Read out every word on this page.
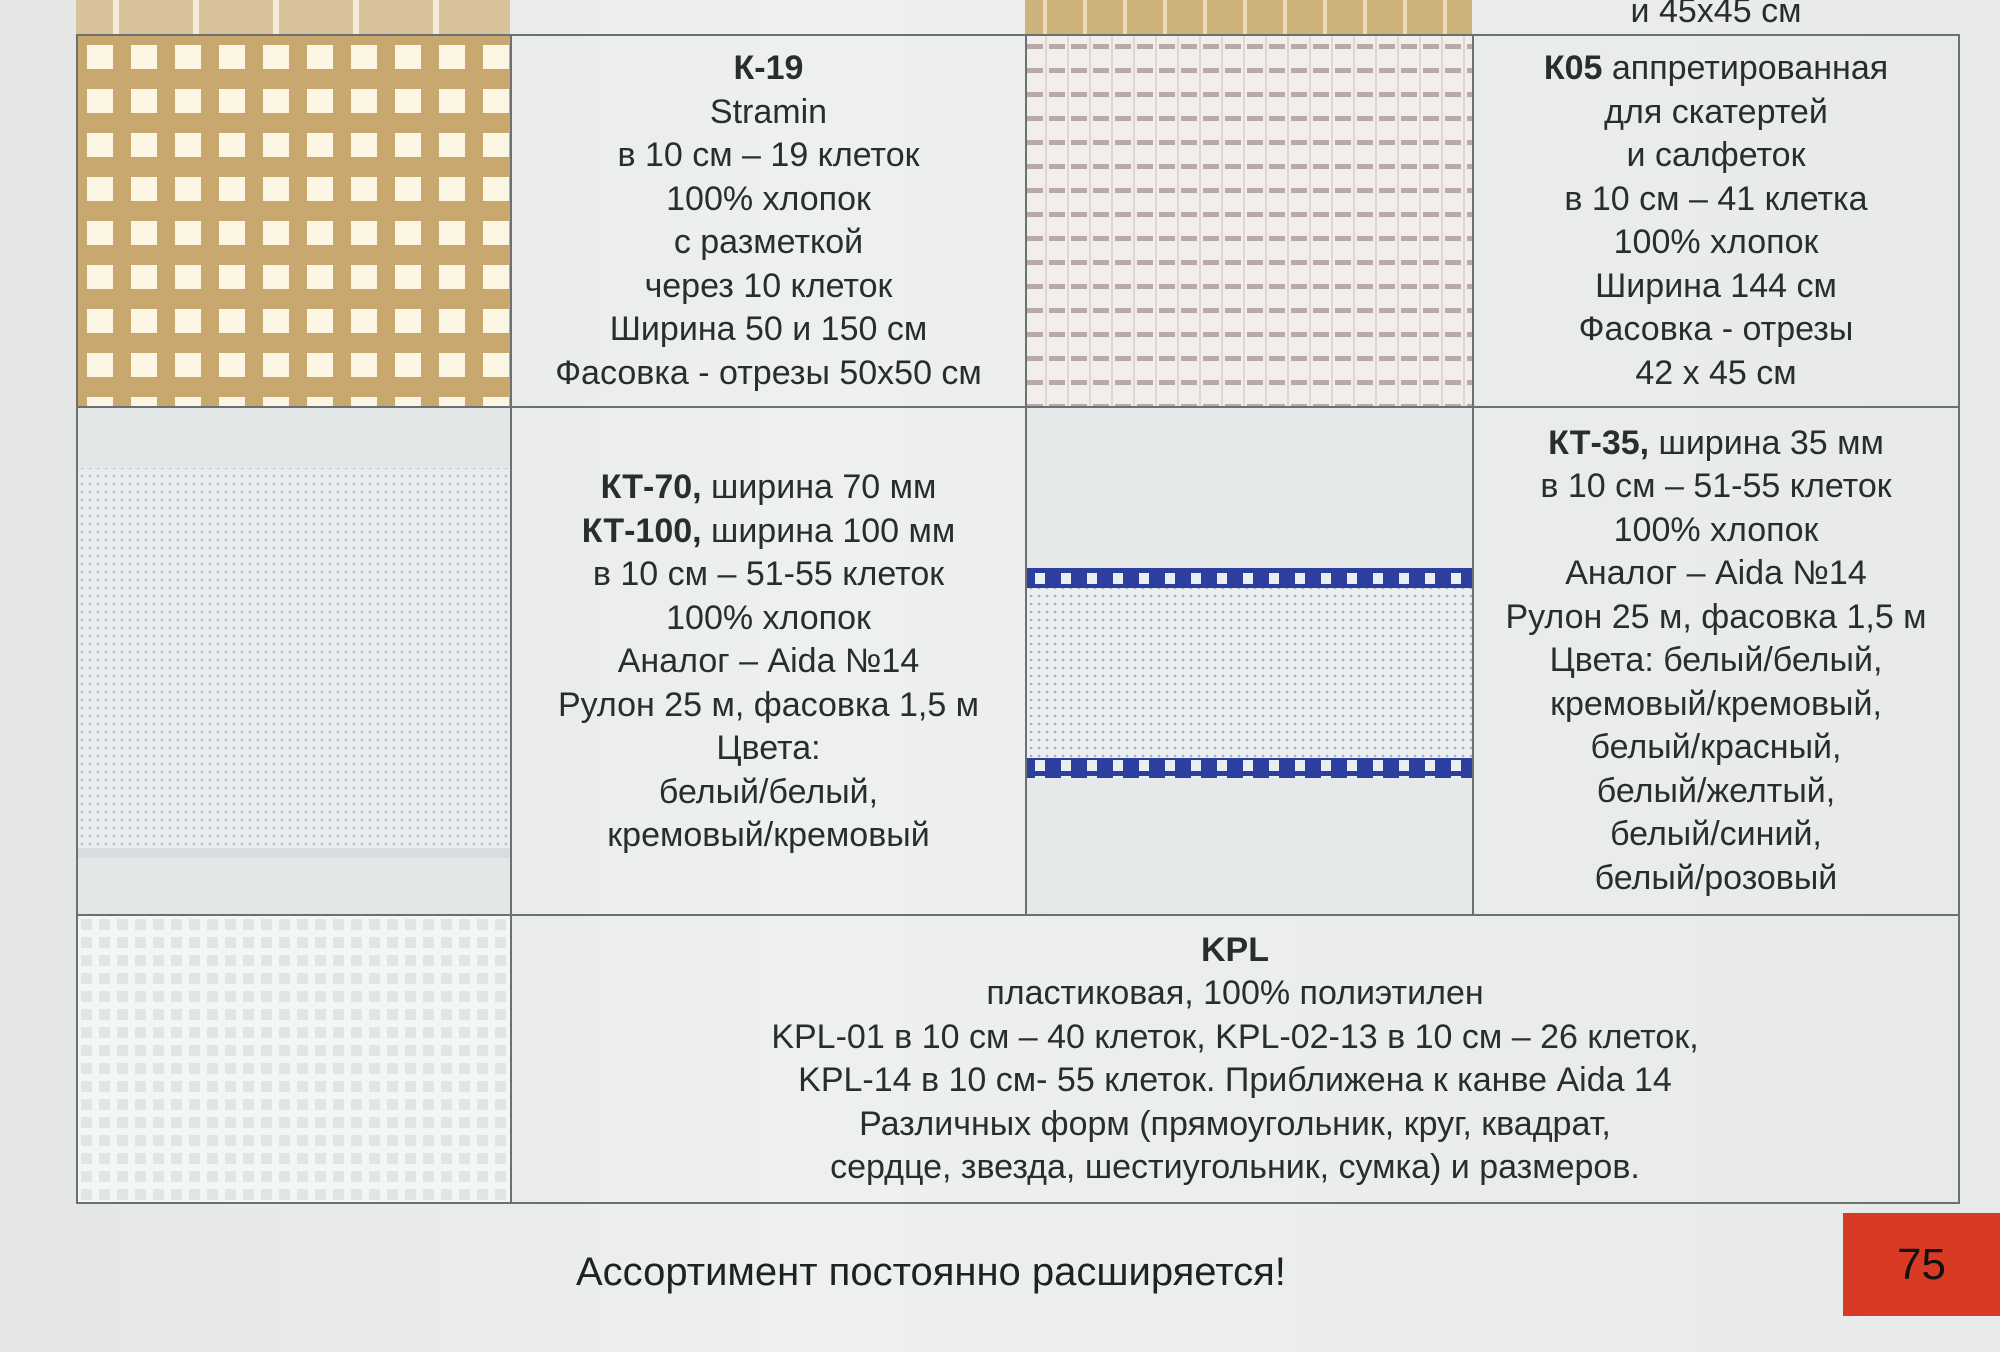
и 45х45 см
К-19
Stramin
в 10 см – 19 клеток
100% хлопок
с разметкой
через 10 клеток
Ширина 50 и 150 см
Фасовка - отрезы 50х50 см
К05 аппретированная
для скатертей
и салфеток
в 10 см – 41 клетка
100% хлопок
Ширина 144 см
Фасовка - отрезы
42 х 45 см
КТ-70, ширина 70 мм
КТ-100, ширина 100 мм
в 10 см – 51-55 клеток
100% хлопок
Аналог – Aida №14
Рулон 25 м, фасовка 1,5 м
Цвета:
белый/белый,
кремовый/кремовый
КТ-35, ширина 35 мм
в 10 см – 51-55 клеток
100% хлопок
Аналог – Aida №14
Рулон 25 м, фасовка 1,5 м
Цвета: белый/белый,
кремовый/кремовый,
белый/красный,
белый/желтый,
белый/синий,
белый/розовый
KPL
пластиковая, 100% полиэтилен
KPL-01 в 10 см – 40 клеток, KPL-02-13 в 10 см – 26 клеток,
KPL-14 в 10 см- 55 клеток. Приближена к канве Aida 14
Различных форм (прямоугольник, круг, квадрат,
сердце, звезда, шестиугольник, сумка) и размеров.
Ассортимент постоянно расширяется!	75
